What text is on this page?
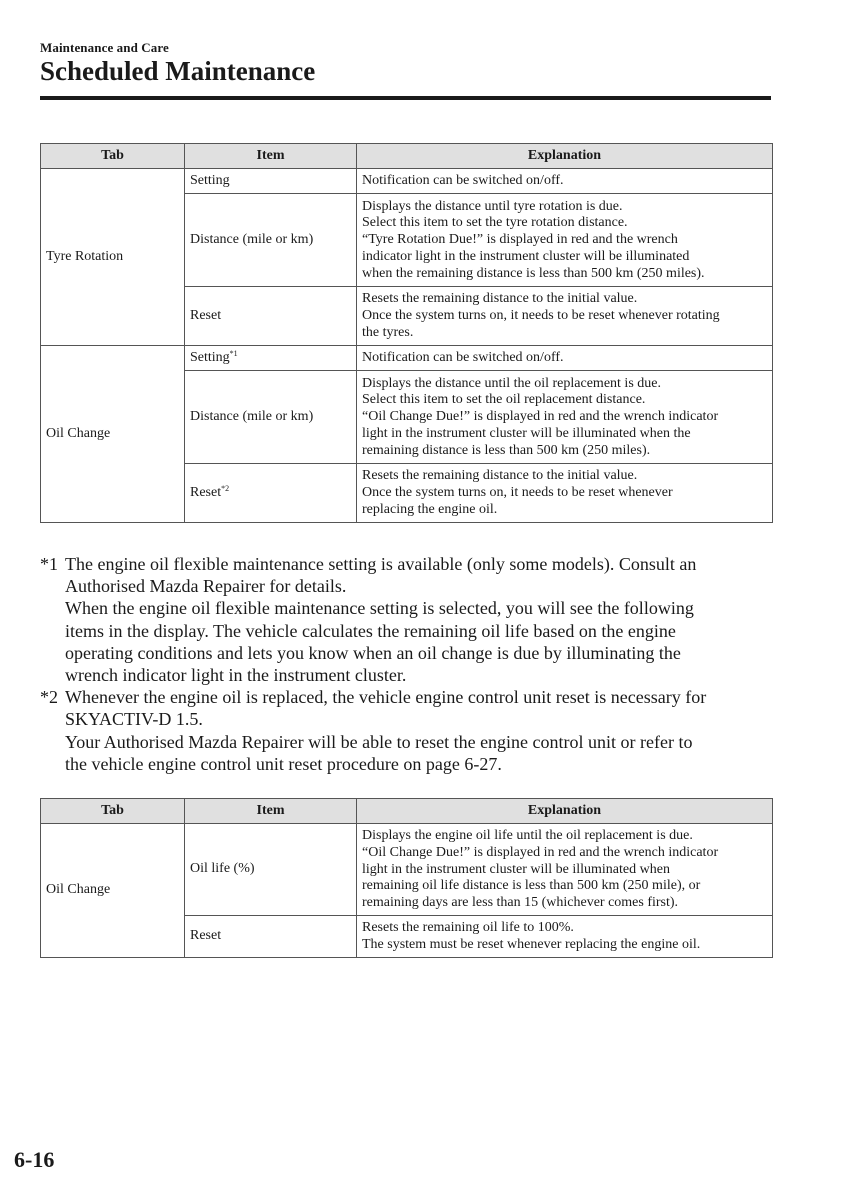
Maintenance and Care
Scheduled Maintenance
Tab	Item	Explanation
Tyre Rotation	Setting	Notification can be switched on/off.

	Distance (mile or km)	Displays the distance until tyre rotation is due.
Select this item to set the tyre rotation distance.
“Tyre Rotation Due!” is displayed in red and the wrench
indicator light in the instrument cluster will be illuminated
when the remaining distance is less than 500 km (250 miles).

	Reset	Resets the remaining distance to the initial value.
Once the system turns on, it needs to be reset whenever rotating
the tyres.

Oil Change	Setting$^{*1}$	Notification can be switched on/off.

	Distance (mile or km)	Displays the distance until the oil replacement is due.
Select this item to set the oil replacement distance.
“Oil Change Due!” is displayed in red and the wrench indicator
light in the instrument cluster will be illuminated when the
remaining distance is less than 500 km (250 miles).

	Reset$^{*2}$	Resets the remaining distance to the initial value.
Once the system turns on, it needs to be reset whenever
replacing the engine oil.
*1 The engine oil flexible maintenance setting is available (only some models). Consult an
Authorised Mazda Repairer for details.
When the engine oil flexible maintenance setting is selected, you will see the following
items in the display. The vehicle calculates the remaining oil life based on the engine
operating conditions and lets you know when an oil change is due by illuminating the
wrench indicator light in the instrument cluster.
*2 Whenever the engine oil is replaced, the vehicle engine control unit reset is necessary for
SKYACTIV-D 1.5.
Your Authorised Mazda Repairer will be able to reset the engine control unit or refer to
the vehicle engine control unit reset procedure on page 6-27.
Tab	Item	Explanation
Oil Change	Oil life (%)	Displays the engine oil life until the oil replacement is due.
“Oil Change Due!” is displayed in red and the wrench indicator
light in the instrument cluster will be illuminated when
remaining oil life distance is less than 500 km (250 mile), or
remaining days are less than 15 (whichever comes first).

	Reset	Resets the remaining oil life to 100%.
The system must be reset whenever replacing the engine oil.
6-16
